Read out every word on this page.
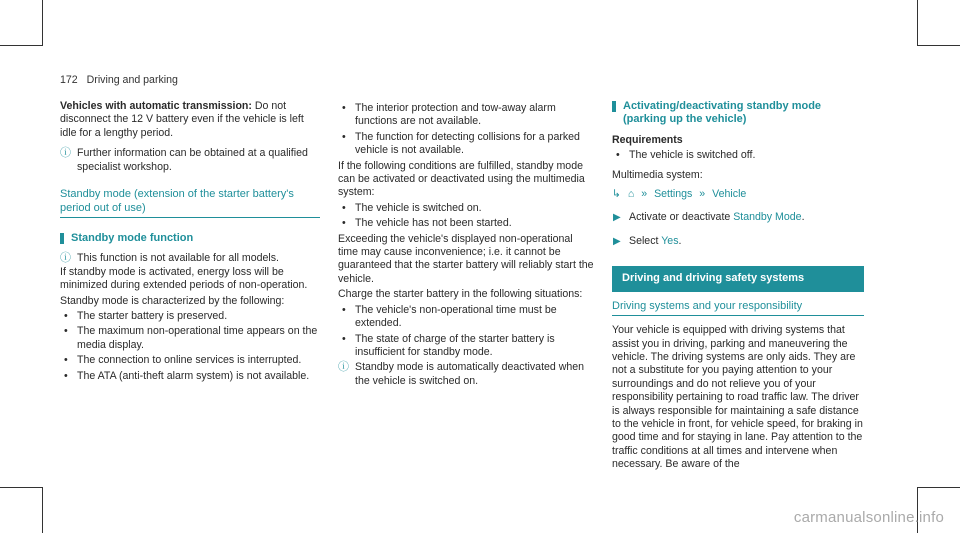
172 Driving and parking

Vehicles with automatic transmission: Do not disconnect the 12 V battery even if the vehicle is left idle for a lengthy period.

ⓘ Further information can be obtained at a qualified specialist workshop.
Standby mode (extension of the starter battery's period out of use)
Standby mode function
ⓘ This function is not available for all models.

If standby mode is activated, energy loss will be minimized during extended periods of non-operation.

Standby mode is characterized by the following:

• The starter battery is preserved.
• The maximum non-operational time appears on the media display.
• The connection to online services is interrupted.
• The ATA (anti-theft alarm system) is not available.
• The interior protection and tow-away alarm functions are not available.
• The function for detecting collisions for a parked vehicle is not available.

If the following conditions are fulfilled, standby mode can be activated or deactivated using the multimedia system:

• The vehicle is switched on.
• The vehicle has not been started.

Exceeding the vehicle's displayed non-operational time may cause inconvenience; i.e. it cannot be guaranteed that the starter battery will reliably start the vehicle.

Charge the starter battery in the following situations:

• The vehicle's non-operational time must be extended.
• The state of charge of the starter battery is insufficient for standby mode.
ⓘ Standby mode is automatically deactivated when the vehicle is switched on.
Activating/deactivating standby mode (parking up the vehicle)

Requirements

• The vehicle is switched off.

Multimedia system:

↳ ⌂ » Settings » Vehicle
▶ Activate or deactivate Standby Mode.
▶ Select Yes.
Driving and driving safety systems
Driving systems and your responsibility

Your vehicle is equipped with driving systems that assist you in driving, parking and maneuvering the vehicle. The driving systems are only aids. They are not a substitute for you paying attention to your surroundings and do not relieve you of your responsibility pertaining to road traffic law. The driver is always responsible for maintaining a safe distance to the vehicle in front, for vehicle speed, for braking in good time and for staying in lane. Pay attention to the traffic conditions at all times and intervene when necessary. Be aware of the

carmanualsonline.info
